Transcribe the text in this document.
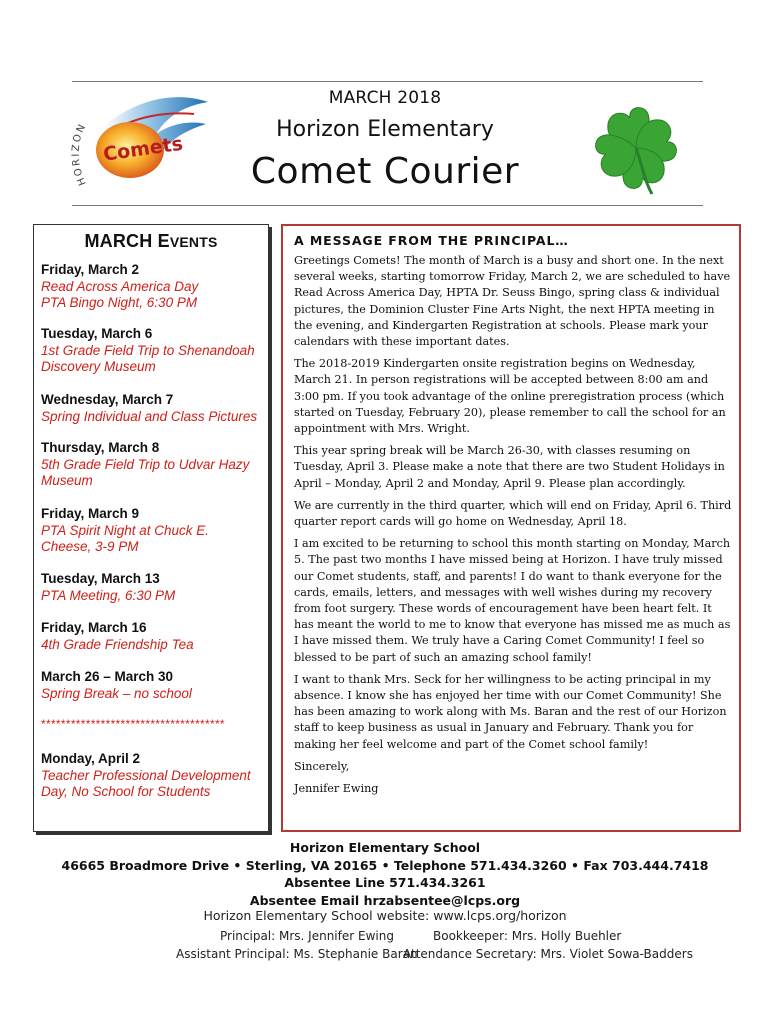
Comets
HORIZON
MARCH 2018
Horizon Elementary
Comet Courier
MARCH EVENTS
Friday, March 2
Read Across America Day
PTA Bingo Night, 6:30 PM
Tuesday, March 6
1st Grade Field Trip to Shenandoah
Discovery Museum
Wednesday, March 7
Spring Individual and Class Pictures
Thursday, March 8
5th Grade Field Trip to Udvar Hazy
Museum
Friday, March 9
PTA Spirit Night at Chuck E.
Cheese, 3-9 PM
Tuesday, March 13
PTA Meeting, 6:30 PM
Friday, March 16
4th Grade Friendship Tea
March 26 – March 30
Spring Break – no school
*************************************
Monday, April 2
Teacher Professional Development
Day, No School for Students
A MESSAGE FROM THE PRINCIPAL…

Greetings Comets! The month of March is a busy and short one. In the next several weeks, starting tomorrow Friday, March 2, we are scheduled to have Read Across America Day, HPTA Dr. Seuss Bingo, spring class & individual pictures, the Dominion Cluster Fine Arts Night, the next HPTA meeting in the evening, and Kindergarten Registration at schools. Please mark your calendars with these important dates.

The 2018-2019 Kindergarten onsite registration begins on Wednesday, March 21. In person registrations will be accepted between 8:00 am and 3:00 pm. If you took advantage of the online preregistration process (which started on Tuesday, February 20), please remember to call the school for an appointment with Mrs. Wright.

This year spring break will be March 26-30, with classes resuming on Tuesday, April 3. Please make a note that there are two Student Holidays in April – Monday, April 2 and Monday, April 9. Please plan accordingly.

We are currently in the third quarter, which will end on Friday, April 6. Third quarter report cards will go home on Wednesday, April 18.

I am excited to be returning to school this month starting on Monday, March 5. The past two months I have missed being at Horizon. I have truly missed our Comet students, staff, and parents! I do want to thank everyone for the cards, emails, letters, and messages with well wishes during my recovery from foot surgery. These words of encouragement have been heart felt. It has meant the world to me to know that everyone has missed me as much as I have missed them. We truly have a Caring Comet Community! I feel so blessed to be part of such an amazing school family!

I want to thank Mrs. Seck for her willingness to be acting principal in my absence. I know she has enjoyed her time with our Comet Community! She has been amazing to work along with Ms. Baran and the rest of our Horizon staff to keep business as usual in January and February. Thank you for making her feel welcome and part of the Comet school family!

Sincerely,

Jennifer Ewing

Horizon Elementary School
46665 Broadmore Drive • Sterling, VA 20165 • Telephone 571.434.3260 • Fax 703.444.7418
Absentee Line 571.434.3261
Absentee Email hrzabsentee@lcps.org
Horizon Elementary School website: www.lcps.org/horizon
Principal: Mrs. Jennifer Ewing	Bookkeeper: Mrs. Holly Buehler
Assistant Principal: Ms. Stephanie Baran
Attendance Secretary: Mrs. Violet Sowa-Badders
